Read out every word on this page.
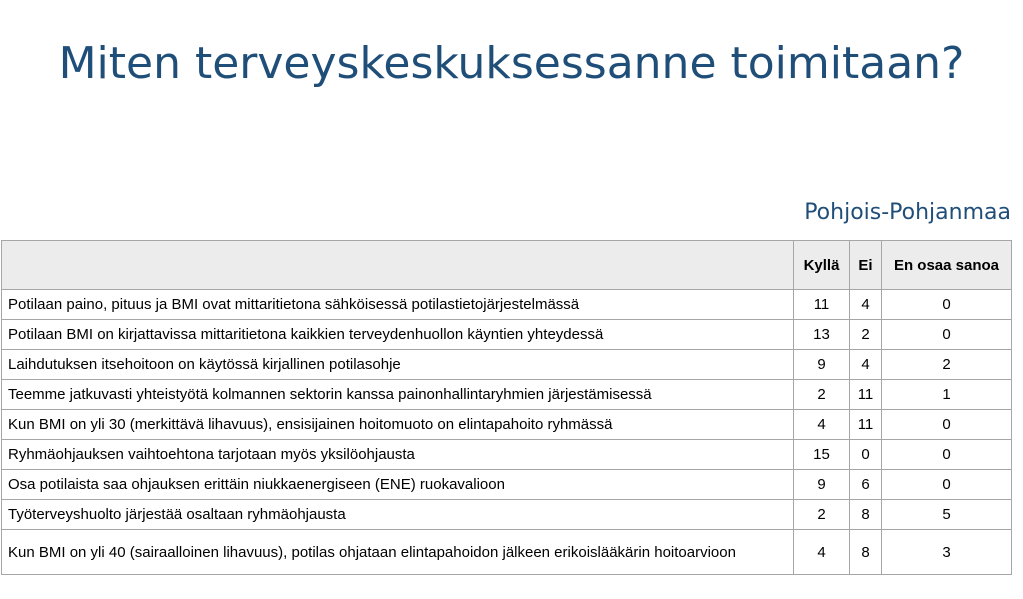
Miten terveyskeskuksessanne toimitaan?
Pohjois-Pohjanmaa
	Kyllä	Ei	En osaa sanoa
Potilaan paino, pituus ja BMI ovat mittaritietona sähköisessä potilastietojärjestelmässä	11	4	0
Potilaan BMI on kirjattavissa mittaritietona kaikkien terveydenhuollon käyntien yhteydessä	13	2	0
Laihdutuksen itsehoitoon on käytössä kirjallinen potilasohje	9	4	2
Teemme jatkuvasti yhteistyötä kolmannen sektorin kanssa painonhallintaryhmien järjestämisessä	2	11	1
Kun BMI on yli 30 (merkittävä lihavuus), ensisijainen hoitomuoto on elintapahoito ryhmässä	4	11	0
Ryhmäohjauksen vaihtoehtona tarjotaan myös yksilöohjausta	15	0	0
Osa potilaista saa ohjauksen erittäin niukkaenergiseen (ENE) ruokavalioon	9	6	0
Työterveyshuolto järjestää osaltaan ryhmäohjausta	2	8	5
Kun BMI on yli 40 (sairaalloinen lihavuus), potilas ohjataan elintapahoidon jälkeen erikoislääkärin hoitoarvioon	4	8	3
